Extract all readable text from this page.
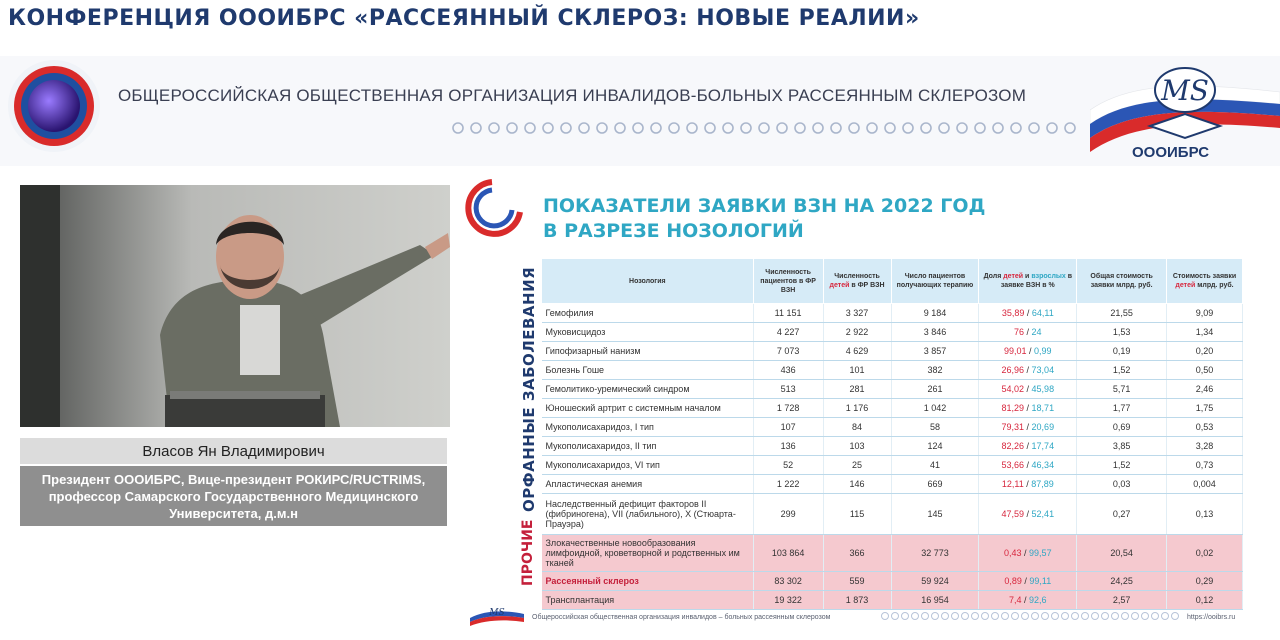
КОНФЕРЕНЦИЯ ОООИБРС «РАССЕЯННЫЙ СКЛЕРОЗ: НОВЫЕ РЕАЛИИ»
ОБЩЕРОССИЙСКАЯ ОБЩЕСТВЕННАЯ ОРГАНИЗАЦИЯ ИНВАЛИДОВ-БОЛЬНЫХ РАССЕЯННЫМ СКЛЕРОЗОМ	MS
ОООИБРС
Власов Ян Владимирович
Президент ОООИБРС, Вице-президент РОКИРС/RUCTRIMS,
профессор Самарского Государственного Медицинского
Университета, д.м.н
ПОКАЗАТЕЛИ ЗАЯВКИ ВЗН НА 2022 ГОД
В РАЗРЕЗЕ НОЗОЛОГИЙ
ОРФАННЫЕ ЗАБОЛЕВАНИЯ
ПРОЧИЕ
Нозология	Численность пациентов в ФР ВЗН	Численность детей в ФР ВЗН	Число пациентов получающих терапию	Доля детей и взрослых в заявке ВЗН в %	Общая стоимость заявки млрд. руб.	Стоимость заявки детей млрд. руб.
Гемофилия	11 151	3 327	9 184	35,89 / 64,11	21,55	9,09
Муковисцидоз	4 227	2 922	3 846	76 / 24	1,53	1,34
Гипофизарный нанизм	7 073	4 629	3 857	99,01 / 0,99	0,19	0,20
Болезнь Гоше	436	101	382	26,96 / 73,04	1,52	0,50
Гемолитико-уремический синдром	513	281	261	54,02 / 45,98	5,71	2,46
Юношеский артрит с системным началом	1 728	1 176	1 042	81,29 / 18,71	1,77	1,75
Мукополисахаридоз, I тип	107	84	58	79,31 / 20,69	0,69	0,53
Мукополисахаридоз, II тип	136	103	124	82,26 / 17,74	3,85	3,28
Мукополисахаридоз, VI тип	52	25	41	53,66 / 46,34	1,52	0,73
Апластическая анемия	1 222	146	669	12,11 / 87,89	0,03	0,004
Наследственный дефицит факторов II (фибриногена), VII (лабильного), X (Стюарта-Прауэра)	299	115	145	47,59 / 52,41	0,27	0,13
Злокачественные новообразования лимфоидной, кроветворной и родственных им тканей	103 864	366	32 773	0,43 / 99,57	20,54	0,02
Рассеянный склероз	83 302	559	59 924	0,89 / 99,11	24,25	0,29
Трансплантация	19 322	1 873	16 954	7,4 / 92,6	2,57	0,12
MS	Общероссийская общественная организация инвалидов – больных рассеянным склерозом	https://ooibrs.ru
